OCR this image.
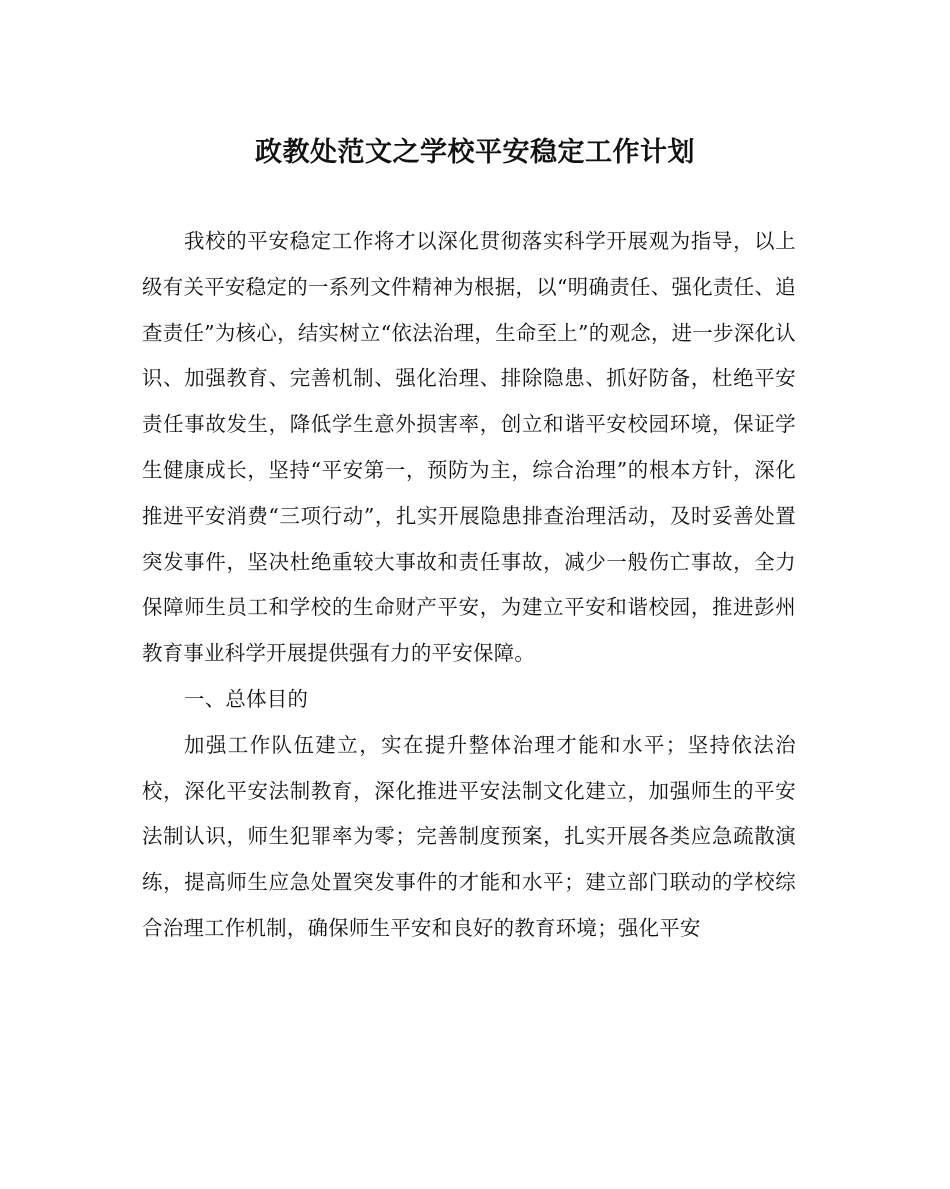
政教处范文之学校平安稳定工作计划

我校的平安稳定工作将才以深化贯彻落实科学开展观为指导，以上级有关平安稳定的一系列文件精神为根据，以“明确责任、强化责任、追查责任”为核心，结实树立“依法治理，生命至上”的观念，进一步深化认识、加强教育、完善机制、强化治理、排除隐患、抓好防备，杜绝平安责任事故发生，降低学生意外损害率，创立和谐平安校园环境，保证学生健康成长，坚持“平安第一，预防为主，综合治理”的根本方针，深化推进平安消费“三项行动”，扎实开展隐患排查治理活动，及时妥善处置突发事件，坚决杜绝重较大事故和责任事故，减少一般伤亡事故，全力保障师生员工和学校的生命财产平安，为建立平安和谐校园，推进彭州教育事业科学开展提供强有力的平安保障。

一、总体目的

加强工作队伍建立，实在提升整体治理才能和水平；坚持依法治校，深化平安法制教育，深化推进平安法制文化建立，加强师生的平安法制认识，师生犯罪率为零；完善制度预案，扎实开展各类应急疏散演练，提高师生应急处置突发事件的才能和水平；建立部门联动的学校综合治理工作机制，确保师生平安和良好的教育环境；强化平安
